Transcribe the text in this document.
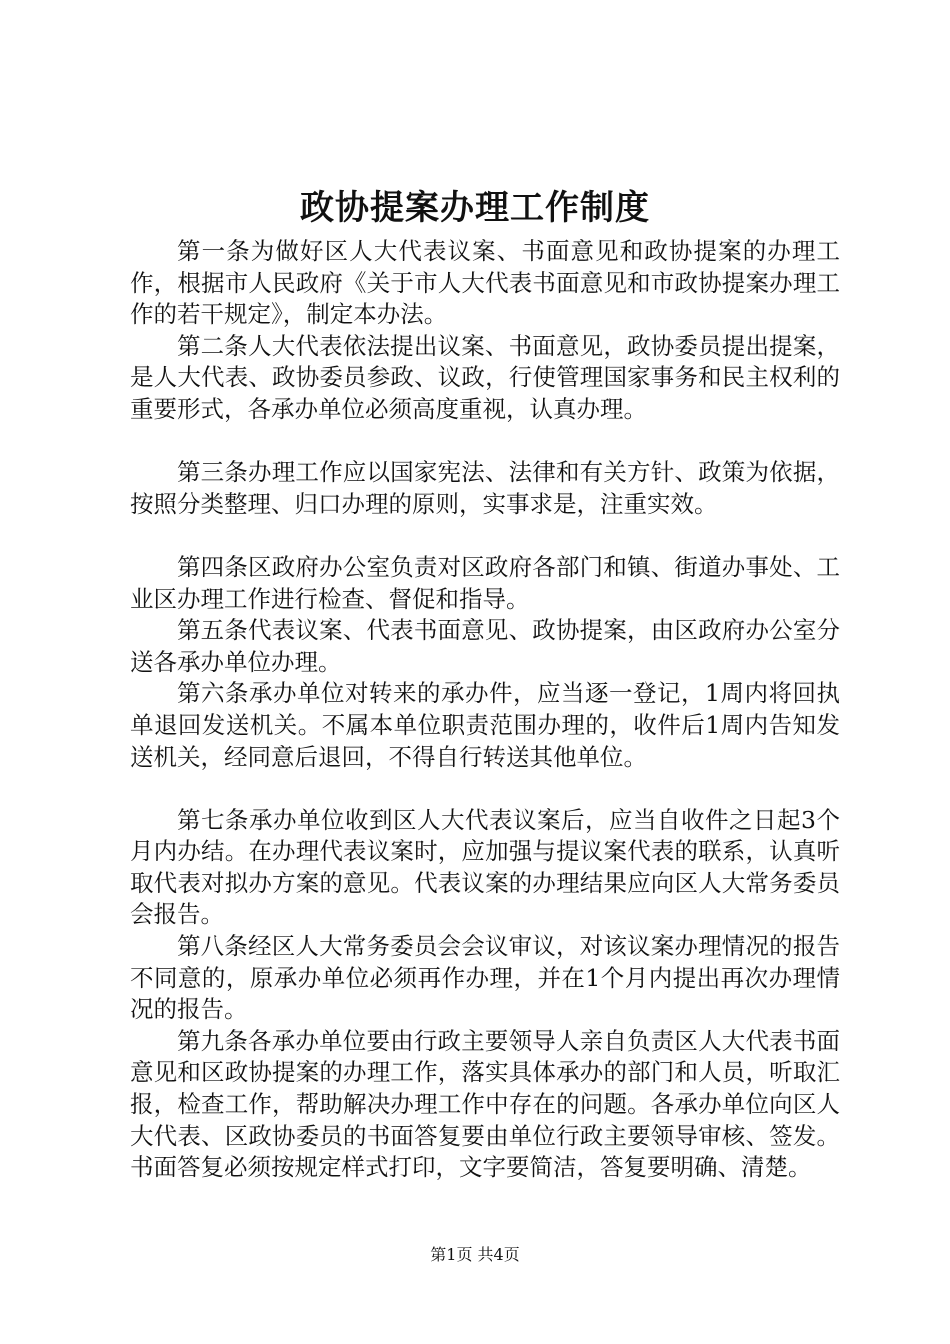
政协提案办理工作制度

第一条为做好区人大代表议案、书面意见和政协提案的办理工作，根据市人民政府《关于市人大代表书面意见和市政协提案办理工作的若干规定》，制定本办法。

第二条人大代表依法提出议案、书面意见，政协委员提出提案，是人大代表、政协委员参政、议政，行使管理国家事务和民主权利的重要形式，各承办单位必须高度重视，认真办理。

第三条办理工作应以国家宪法、法律和有关方针、政策为依据，按照分类整理、归口办理的原则，实事求是，注重实效。

第四条区政府办公室负责对区政府各部门和镇、街道办事处、工业区办理工作进行检查、督促和指导。

第五条代表议案、代表书面意见、政协提案，由区政府办公室分送各承办单位办理。

第六条承办单位对转来的承办件，应当逐一登记，1周内将回执单退回发送机关。不属本单位职责范围办理的，收件后1周内告知发送机关，经同意后退回，不得自行转送其他单位。

第七条承办单位收到区人大代表议案后，应当自收件之日起3个月内办结。在办理代表议案时，应加强与提议案代表的联系，认真听取代表对拟办方案的意见。代表议案的办理结果应向区人大常务委员会报告。

第八条经区人大常务委员会会议审议，对该议案办理情况的报告不同意的，原承办单位必须再作办理，并在1个月内提出再次办理情况的报告。

第九条各承办单位要由行政主要领导人亲自负责区人大代表书面意见和区政协提案的办理工作，落实具体承办的部门和人员，听取汇报，检查工作，帮助解决办理工作中存在的问题。各承办单位向区人大代表、区政协委员的书面答复要由单位行政主要领导审核、签发。书面答复必须按规定样式打印，文字要简洁，答复要明确、清楚。

第1页 共4页
